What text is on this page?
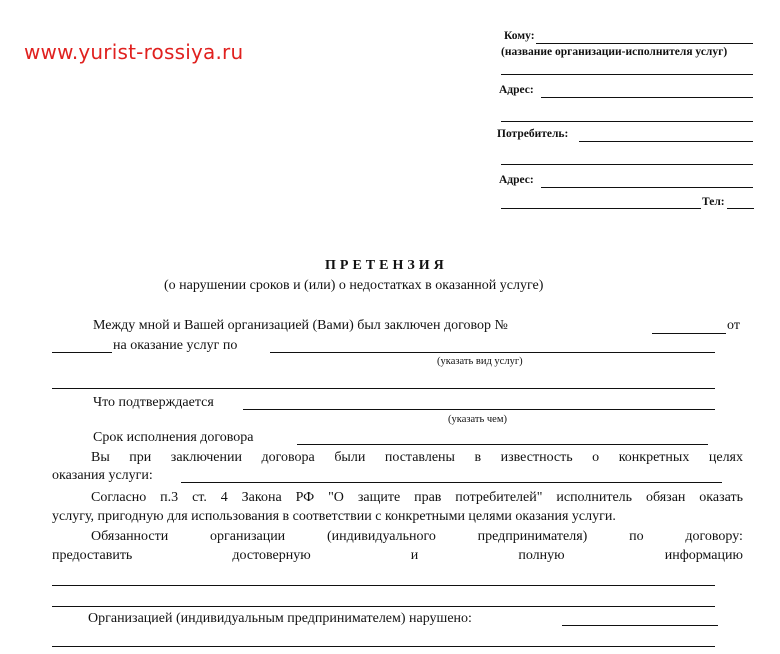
www.yurist-rossiya.ru
Кому:
(название организации-исполнителя услуг)
Адрес:
Потребитель:
Адрес:
Тел:
ПРЕТЕНЗИЯ
(о нарушении сроков и (или) о недостатках в оказанной услуге)
Между мной и Вашей организацией (Вами) был заключен договор №	от
на оказание услуг по
(указать вид услуг)
Что подтверждается
(указать чем)
Срок исполнения договора
Вы при заключении договора были поставлены в известность о конкретных целях
оказания услуги:
Согласно п.3 ст. 4 Закона РФ "О защите прав потребителей" исполнитель обязан оказать
услугу, пригодную для использования в соответствии с конкретными целями оказания услуги.
Обязанности	организации	(индивидуального	предпринимателя)	по	договору:
предоставить	достоверную	и	полную	информацию
Организацией (индивидуальным предпринимателем) нарушено:
